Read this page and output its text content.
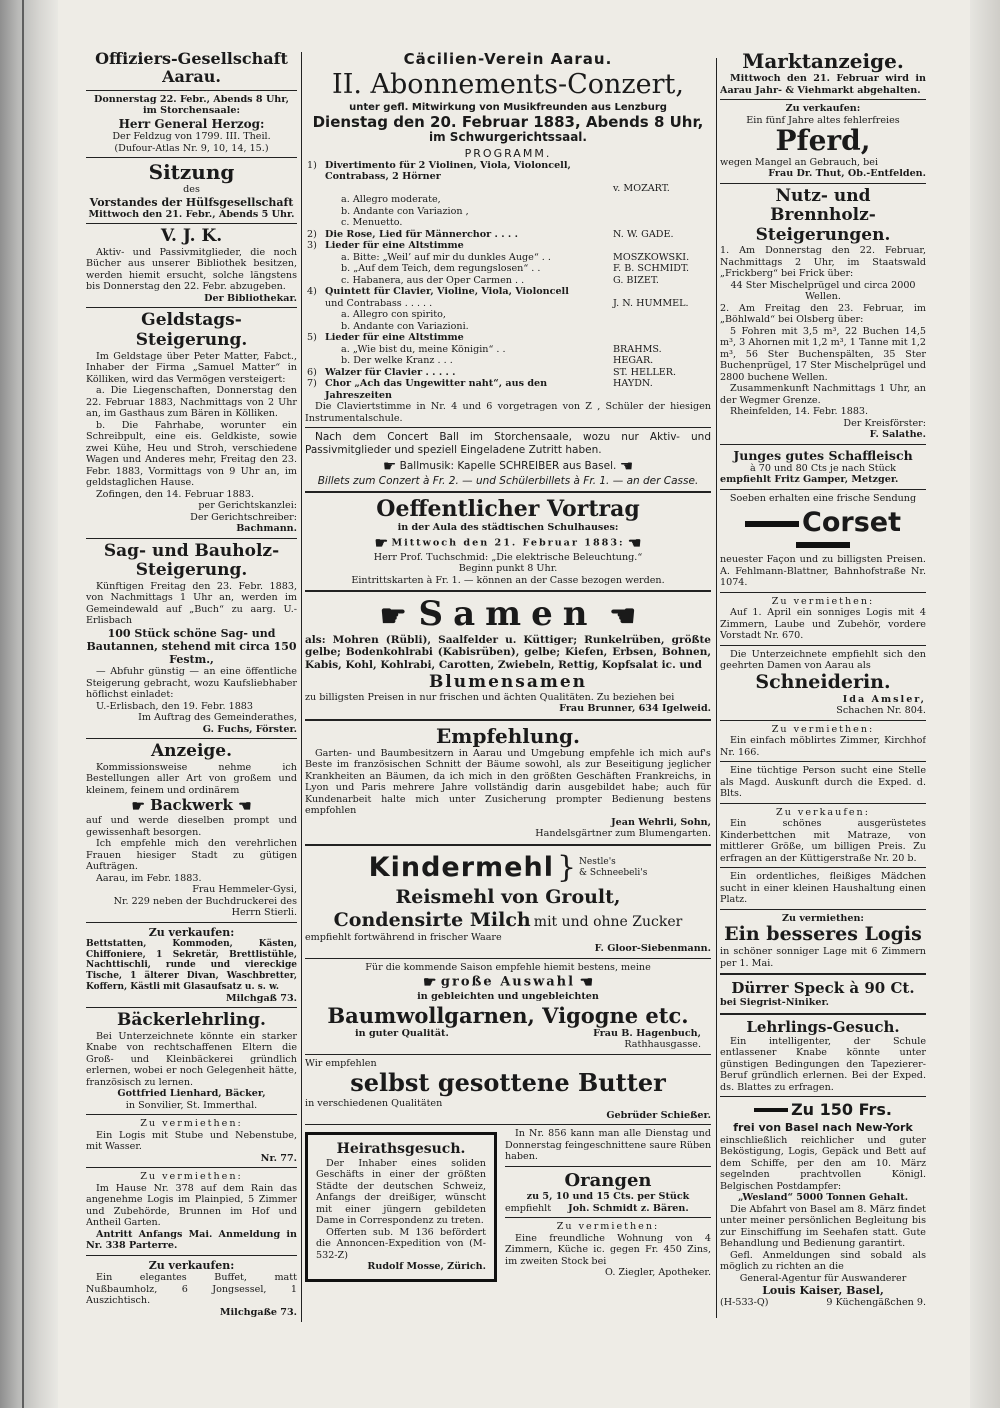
Offiziers-Gesellschaft Aarau.

Donnerstag 22. Febr., Abends 8 Uhr,

im Storchensaale:

Herr General Herzog:

Der Feldzug von 1799. III. Theil.

(Dufour-Atlas Nr. 9, 10, 14, 15.)

Sitzung

des

Vorstandes der Hülfsgesellschaft

Mittwoch den 21. Febr., Abends 5 Uhr.

V. J. K.

Aktiv- und Passivmitglieder, die noch Bücher aus unserer Bibliothek besitzen, werden hiemit ersucht, solche längstens bis Donnerstag den 22. Febr. abzugeben.

Der Bibliothekar.

Geldstags-Steigerung.

Im Geldstage über Peter Matter, Fabct., Inhaber der Firma „Samuel Matter“ in Kölliken, wird das Vermögen versteigert:

a. Die Liegenschaften, Donnerstag den 22. Februar 1883, Nachmittags von 2 Uhr an, im Gasthaus zum Bären in Kölliken.

b. Die Fahrhabe, worunter ein Schreibpult, eine eis. Geldkiste, sowie zwei Kühe, Heu und Stroh, verschiedene Wagen und Anderes mehr, Freitag den 23. Febr. 1883, Vormittags von 9 Uhr an, im geldstaglichen Hause.

Zofingen, den 14. Februar 1883.

per Gerichtskanzlei:

Der Gerichtschreiber:

Bachmann.

Sag- und Bauholz-

Steigerung.

Künftigen Freitag den 23. Febr. 1883, von Nachmittags 1 Uhr an, werden im Gemeindewald auf „Buch“ zu aarg. U.-Erlisbach

100 Stück schöne Sag- und Bautannen, stehend mit circa 150 Festm.,

— Abfuhr günstig — an eine öffentliche Steigerung gebracht, wozu Kaufsliebhaber höflichst einladet:

U.-Erlisbach, den 19. Febr. 1883

Im Auftrag des Gemeinderathes,

G. Fuchs, Förster.

Anzeige.

Kommissionsweise nehme ich Bestellungen aller Art von großem und kleinem, feinem und ordinärem

☛ Backwerk ☚

auf und werde dieselben prompt und gewissenhaft besorgen.

Ich empfehle mich den verehrlichen Frauen hiesiger Stadt zu gütigen Aufträgen.

Aarau, im Febr. 1883.

Frau Hemmeler-Gysi,

Nr. 229 neben der Buchdruckerei des Herrn Stierli.

Zu verkaufen:

Bettstatten, Kommoden, Kästen, Chiffoniere, 1 Sekretär, Brettlistühle, Nachttischli, runde und viereckige Tische, 1 älterer Divan, Waschbretter, Koffern, Kästli mit Glasaufsatz u. s. w.

Milchgaß 73.

Bäckerlehrling.

Bei Unterzeichnete könnte ein starker Knabe von rechtschaffenen Eltern die Groß- und Kleinbäckerei gründlich erlernen, wobei er noch Gelegenheit hätte, französisch zu lernen.

Gottfried Lienhard, Bäcker,

in Sonvilier, St. Immerthal.

Zu vermiethen:

Ein Logis mit Stube und Nebenstube, mit Wasser.

Nr. 77.

Zu vermiethen:

Im Hause Nr. 378 auf dem Rain das angenehme Logis im Plainpied, 5 Zimmer und Zubehörde, Brunnen im Hof und Antheil Garten.

Antritt Anfangs Mai. Anmeldung in Nr. 338 Parterre.

Zu verkaufen:

Ein elegantes Buffet, matt Nußbaumholz, 6 Jongsessel, 1 Auszichtisch.

Milchgaße 73.

Cäcilien-Verein Aarau.

II. Abonnements-Conzert,

unter gefl. Mitwirkung von Musikfreunden aus Lenzburg

Dienstag den 20. Februar 1883, Abends 8 Uhr,

im Schwurgerichtssaal.

PROGRAMM.

1)	Divertimento für 2 Violinen, Viola, Violoncell, Contrabass, 2 Hörner	
		v. MOZART.
	a. Allegro moderate,	
	b. Andante con Variazion ,	
	c. Menuetto.	
2)	Die Rose, Lied für Männerchor . . . .	N. W. GADE.
3)	Lieder für eine Altstimme	
	a. Bitte: „Weil’ auf mir du dunkles Auge“ . .	MOSZKOWSKI.
	b. „Auf dem Teich, dem regungslosen“ . .	F. B. SCHMIDT.
	c. Habanera, aus der Oper Carmen . .	G. BIZET.
4)	Quintett für Clavier, Violine, Viola, Violoncell	
	und Contrabass . . . . .	J. N. HUMMEL.
	a. Allegro con spirito,	
	b. Andante con Variazioni.	
5)	Lieder für eine Altstimme	
	a. „Wie bist du, meine Königin“ . .	BRAHMS.
	b. Der welke Kranz . . .	HEGAR.
6)	Walzer für Clavier . . . . .	ST. HELLER.
7)	Chor „Ach das Ungewitter naht“, aus den Jahreszeiten	HAYDN.

Die Claviertstimme in Nr. 4 und 6 vorgetragen von Z , Schüler der hiesigen Instrumentalschule.

Nach dem Concert Ball im Storchensaale, wozu nur Aktiv- und Passivmitglieder und speziell Eingeladene Zutritt haben.

☛ Ballmusik: Kapelle SCHREIBER aus Basel. ☚

Billets zum Conzert à Fr. 2. — und Schülerbillets à Fr. 1. — an der Casse.

Oeffentlicher Vortrag

in der Aula des städtischen Schulhauses:

☛ Mittwoch den 21. Februar 1883: ☚

Herr Prof. Tuchschmid: „Die elektrische Beleuchtung.“

Beginn punkt 8 Uhr.

Eintrittskarten à Fr. 1. — können an der Casse bezogen werden.

☛ Samen ☚

als: Mohren (Rübli), Saalfelder u. Küttiger; Runkelrüben, größte gelbe; Bodenkohlrabi (Kabisrüben), gelbe; Kiefen, Erbsen, Bohnen, Kabis, Kohl, Kohlrabi, Carotten, Zwiebeln, Rettig, Kopfsalat ic. und

Blumensamen

zu billigsten Preisen in nur frischen und ächten Qualitäten. Zu beziehen bei

Frau Brunner, 634 Igelweid.

Empfehlung.

Garten- und Baumbesitzern in Aarau und Umgebung empfehle ich mich auf's Beste im französischen Schnitt der Bäume sowohl, als zur Beseitigung jeglicher Krankheiten an Bäumen, da ich mich in den größten Geschäften Frankreichs, in Lyon und Paris mehrere Jahre vollständig darin ausgebildet habe; auch für Kundenarbeit halte mich unter Zusicherung prompter Bedienung bestens empfohlen

Jean Wehrli, Sohn,

Handelsgärtner zum Blumengarten.

Kindermehl } Nestle's
& Schneebeli's

Reismehl von Groult,

Condensirte Milch mit und ohne Zucker

empfiehlt fortwährend in frischer Waare

F. Gloor-Siebenmann.

Für die kommende Saison empfehle hiemit bestens, meine

☛ große Auswahl ☚

in gebleichten und ungebleichten

Baumwollgarnen, Vigogne etc.

in guter Qualität.	Frau B. Hagenbuch,
Rathhausgasse.

Wir empfehlen

selbst gesottene Butter

in verschiedenen Qualitäten

Gebrüder Schießer.

Heirathsgesuch.

Der Inhaber eines soliden Geschäfts in einer der größten Städte der deutschen Schweiz, Anfangs der dreißiger, wünscht mit einer jüngern gebildeten Dame in Correspondenz zu treten.

Offerten sub. M 136 befördert die Annoncen-Expedition von (M-532-Z)

Rudolf Mosse, Zürich.

In Nr. 856 kann man alle Dienstag und Donnerstag feingeschnittene saure Rüben haben.

Orangen

zu 5, 10 und 15 Cts. per Stück

empfiehlt Joh. Schmidt z. Bären.

Zu vermiethen:

Eine freundliche Wohnung von 4 Zimmern, Küche ic. gegen Fr. 450 Zins, im zweiten Stock bei

O. Ziegler, Apotheker.

Marktanzeige.

Mittwoch den 21. Februar wird in Aarau Jahr- & Viehmarkt abgehalten.

Zu verkaufen:

Ein fünf Jahre altes fehlerfreies

Pferd,

wegen Mangel an Gebrauch, bei

Frau Dr. Thut, Ob.-Entfelden.

Nutz- und Brennholz-

Steigerungen.

1. Am Donnerstag den 22. Februar, Nachmittags 2 Uhr, im Staatswald „Frickberg“ bei Frick über:

44 Ster Mischelprügel und circa 2000 Wellen.

2. Am Freitag den 23. Februar, im „Böhlwald“ bei Olsberg über:

5 Fohren mit 3,5 m³, 22 Buchen 14,5 m³, 3 Ahornen mit 1,2 m³, 1 Tanne mit 1,2 m³, 56 Ster Buchenspälten, 35 Ster Buchenprügel, 17 Ster Mischelprügel und 2800 buchene Wellen.

Zusammenkunft Nachmittags 1 Uhr, an der Wegmer Grenze.

Rheinfelden, 14. Febr. 1883.

Der Kreisförster:

F. Salathe.

Junges gutes Schaffleisch

à 70 und 80 Cts je nach Stück

empfiehlt Fritz Gamper, Metzger.

Soeben erhalten eine frische Sendung

Corset

neuester Façon und zu billigsten Preisen. A. Fehlmann-Blattner, Bahnhofstraße Nr. 1074.

Zu vermiethen:

Auf 1. April ein sonniges Logis mit 4 Zimmern, Laube und Zubehör, vordere Vorstadt Nr. 670.

Die Unterzeichnete empfiehlt sich den geehrten Damen von Aarau als

Schneiderin.

Ida Amsler,

Schachen Nr. 804.

Zu vermiethen:

Ein einfach möblirtes Zimmer, Kirchhof Nr. 166.

Eine tüchtige Person sucht eine Stelle als Magd. Auskunft durch die Exped. d. Blts.

Zu verkaufen:

Ein schönes ausgerüstetes Kinderbettchen mit Matraze, von mittlerer Größe, um billigen Preis. Zu erfragen an der Küttigerstraße Nr. 20 b.

Ein ordentliches, fleißiges Mädchen sucht in einer kleinen Haushaltung einen Platz.

Zu vermiethen:

Ein besseres Logis

in schöner sonniger Lage mit 6 Zimmern per 1. Mai.

Dürrer Speck à 90 Ct.

bei Siegrist-Niniker.

Lehrlings-Gesuch.

Ein intelligenter, der Schule entlassener Knabe könnte unter günstigen Bedingungen den Tapezierer-Beruf gründlich erlernen. Bei der Exped. ds. Blattes zu erfragen.

Zu 150 Frs.

frei von Basel nach New-York

einschließlich reichlicher und guter Beköstigung, Logis, Gepäck und Bett auf dem Schiffe, per den am 10. März segelnden prachtvollen Königl. Belgischen Postdampfer:

„Wesland“ 5000 Tonnen Gehalt.

Die Abfahrt von Basel am 8. März findet unter meiner persönlichen Begleitung bis zur Einschiffung im Seehafen statt. Gute Behandlung und Bedienung garantirt.

Gefl. Anmeldungen sind sobald als möglich zu richten an die

General-Agentur für Auswanderer

Louis Kaiser, Basel,

(H-533-Q)	9 Küchengäßchen 9.
